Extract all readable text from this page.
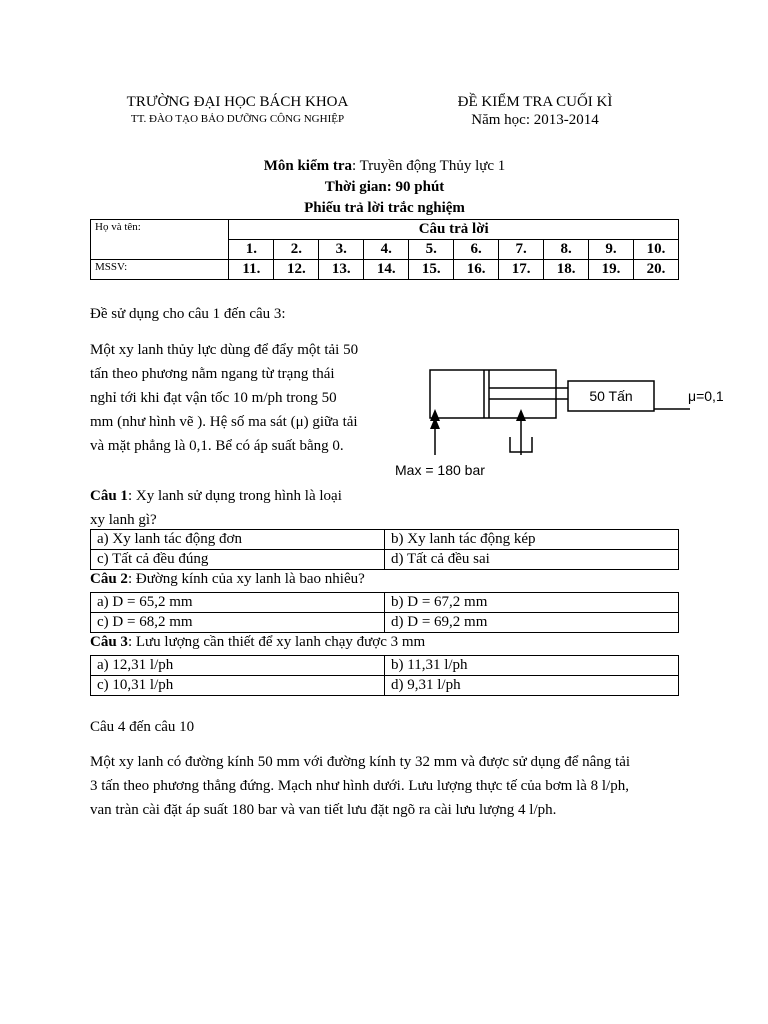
TRƯỜNG ĐẠI HỌC BÁCH KHOA
TT. ĐÀO TẠO BẢO DƯỠNG CÔNG NGHIỆP
ĐỀ KIỂM TRA CUỐI KÌ
Năm học: 2013-2014
Môn kiểm tra: Truyền động Thủy lực 1
Thời gian: 90 phút
Phiếu trả lời trắc nghiệm
Họ và tên:	Câu trả lời									
	1.	2.	3.	4.	5.	6.	7.	8.	9.	10.
MSSV:	11.	12.	13.	14.	15.	16.	17.	18.	19.	20.
Đề sử dụng cho câu 1 đến câu 3:
Một xy lanh thủy lực dùng để đẩy một tải 50
tấn theo phương nằm ngang từ trạng thái
nghỉ tới khi đạt vận tốc 10 m/ph trong 50
mm (như hình vẽ ). Hệ số ma sát (μ) giữa tải
và mặt phẳng là 0,1. Bể có áp suất bằng 0.
50 Tấn	μ=0,1
Max = 180 bar
Câu 1: Xy lanh sử dụng trong hình là loại
xy lanh gì?
a) Xy lanh tác động đơn	b) Xy lanh tác động kép
c) Tất cả đều đúng	d) Tất cả đều sai
Câu 2: Đường kính của xy lanh là bao nhiêu?
a) D = 65,2 mm	b) D = 67,2 mm
c) D = 68,2 mm	d) D = 69,2 mm
Câu 3: Lưu lượng cần thiết để xy lanh chạy được 3 mm
a) 12,31 l/ph	b) 11,31 l/ph
c) 10,31 l/ph	d) 9,31 l/ph
Câu 4 đến câu 10
Một xy lanh có đường kính 50 mm với đường kính ty 32 mm và được sử dụng để nâng tải
3 tấn theo phương thẳng đứng. Mạch như hình dưới. Lưu lượng thực tế của bơm là 8 l/ph,
van tràn cài đặt áp suất 180 bar và van tiết lưu đặt ngõ ra cài lưu lượng 4 l/ph.
